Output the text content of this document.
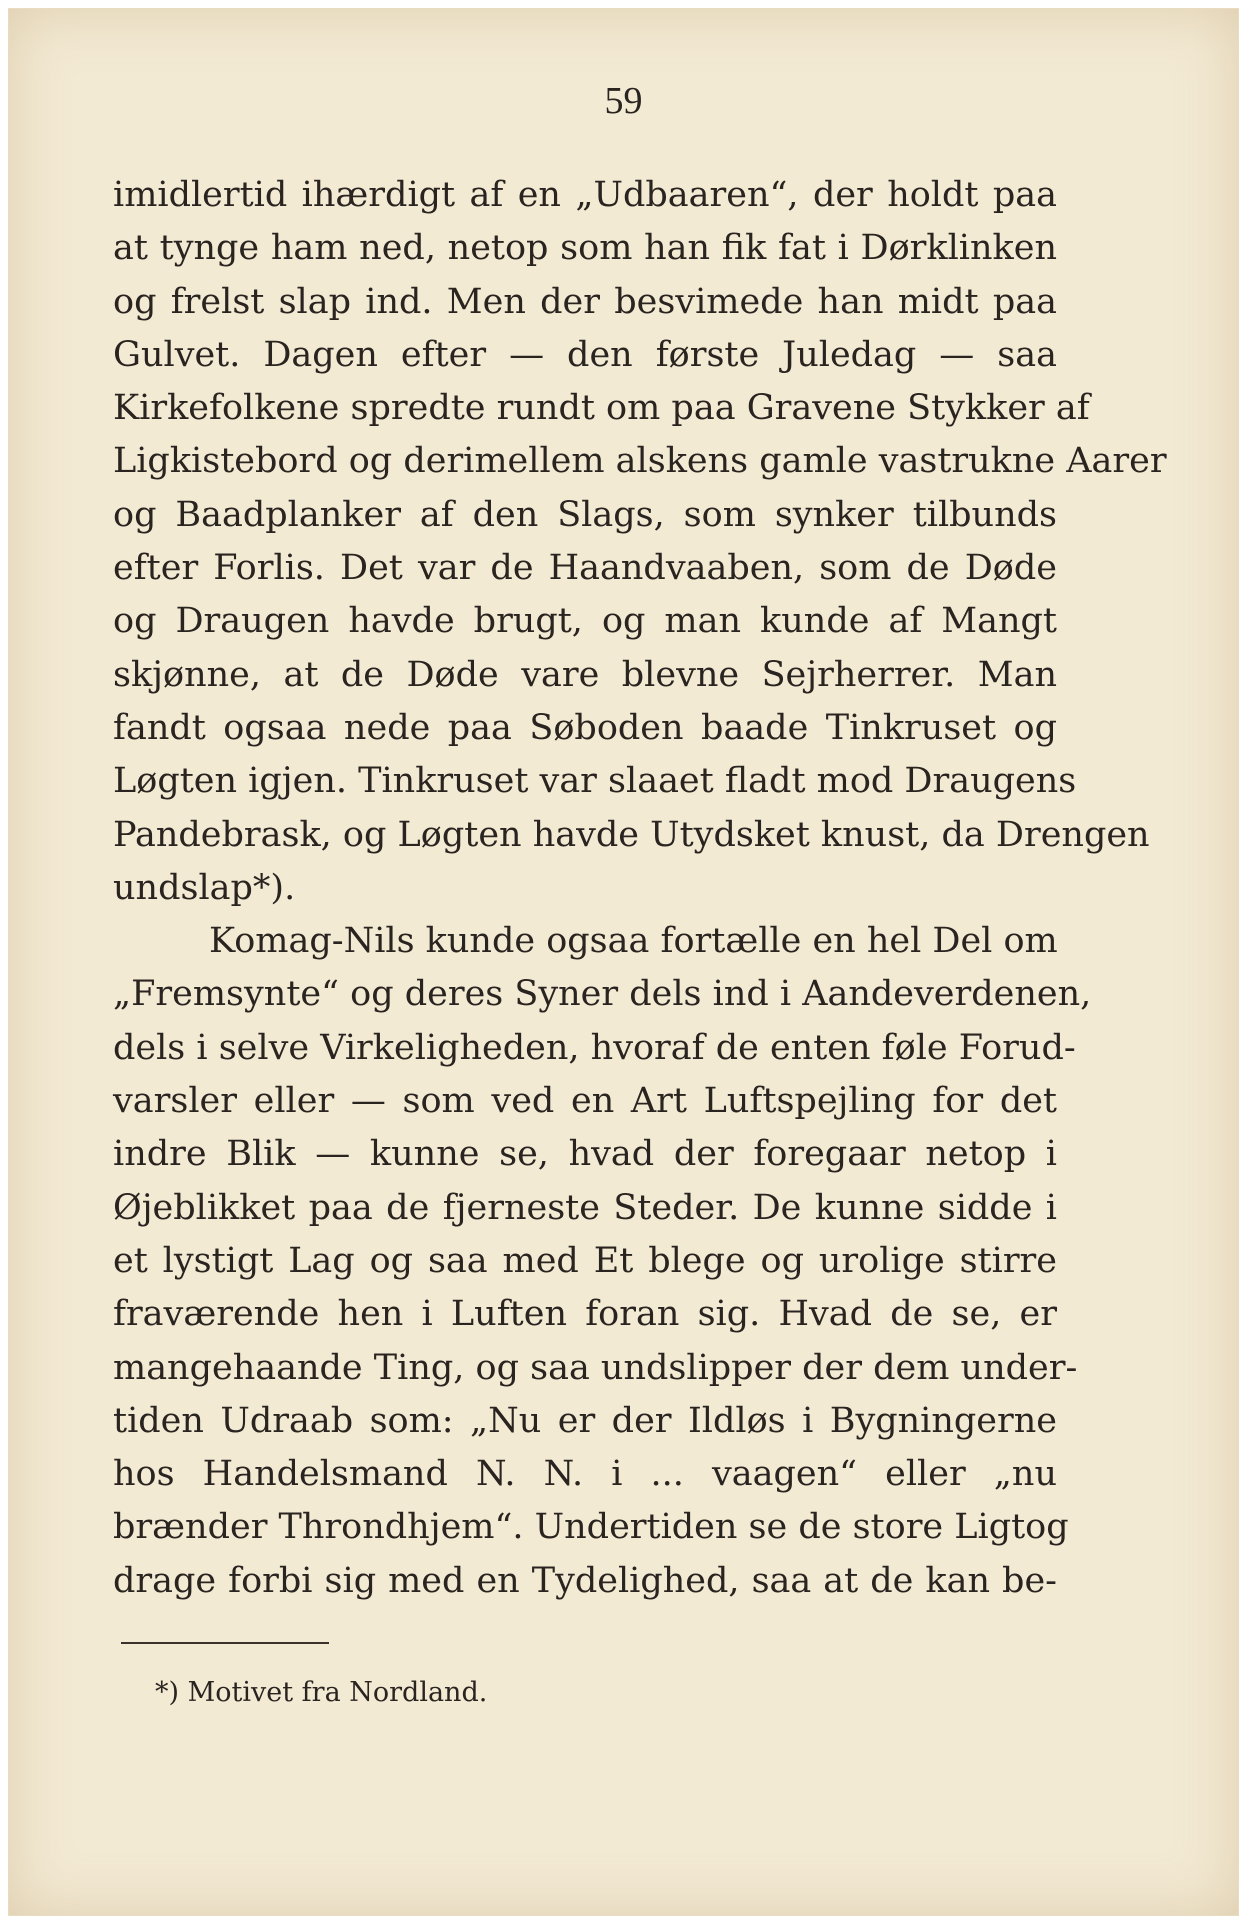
59
imidlertid ihærdigt af en „Udbaaren“, der holdt paa
at tynge ham ned, netop som han fik fat i Dørklinken
og frelst slap ind. Men der besvimede han midt paa
Gulvet. Dagen efter — den første Juledag — saa
Kirkefolkene spredte rundt om paa Gravene Stykker af
Ligkistebord og derimellem alskens gamle vastrukne Aarer
og Baadplanker af den Slags, som synker tilbunds
efter Forlis. Det var de Haandvaaben, som de Døde
og Draugen havde brugt, og man kunde af Mangt
skjønne, at de Døde vare blevne Sejrherrer. Man
fandt ogsaa nede paa Søboden baade Tinkruset og
Løgten igjen. Tinkruset var slaaet fladt mod Draugens
Pandebrask, og Løgten havde Utydsket knust, da Drengen
undslap*).
Komag-Nils kunde ogsaa fortælle en hel Del om
„Fremsynte“ og deres Syner dels ind i Aandeverdenen,
dels i selve Virkeligheden, hvoraf de enten føle Forud-
varsler eller — som ved en Art Luftspejling for det
indre Blik — kunne se, hvad der foregaar netop i
Øjeblikket paa de fjerneste Steder. De kunne sidde i
et lystigt Lag og saa med Et blege og urolige stirre
fraværende hen i Luften foran sig. Hvad de se, er
mangehaande Ting, og saa undslipper der dem under-
tiden Udraab som: „Nu er der Ildløs i Bygningerne
hos Handelsmand N. N. i ... vaagen“ eller „nu
brænder Throndhjem“. Undertiden se de store Ligtog
drage forbi sig med en Tydelighed, saa at de kan be-
*) Motivet fra Nordland.
